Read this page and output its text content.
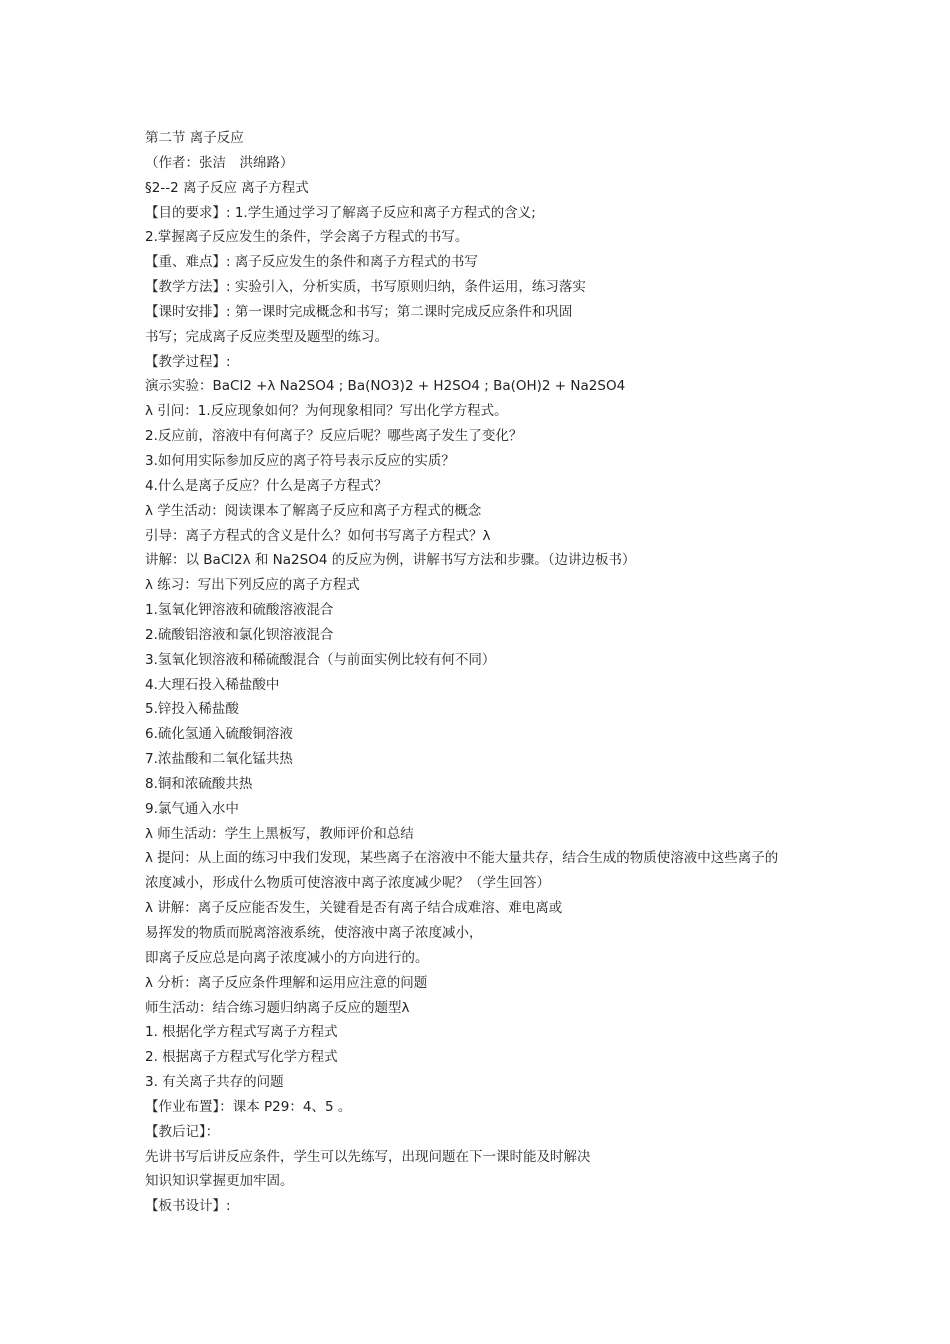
第二节 离子反应
（作者：张洁　洪绵路）
§2--2 离子反应 离子方程式
【目的要求】: 1.学生通过学习了解离子反应和离子方程式的含义;
2.掌握离子反应发生的条件，学会离子方程式的书写。
【重、难点】: 离子反应发生的条件和离子方程式的书写
【教学方法】: 实验引入，分析实质，书写原则归纳，条件运用，练习落实
【课时安排】: 第一课时完成概念和书写；第二课时完成反应条件和巩固
书写；完成离子反应类型及题型的练习。
【教学过程】:
演示实验：BaCl2 +λ Na2SO4 ; Ba(NO3)2 + H2SO4 ; Ba(OH)2 + Na2SO4
λ 引问：1.反应现象如何？为何现象相同？写出化学方程式。
2.反应前，溶液中有何离子？反应后呢？哪些离子发生了变化？
3.如何用实际参加反应的离子符号表示反应的实质？
4.什么是离子反应？什么是离子方程式？
λ 学生活动：阅读课本了解离子反应和离子方程式的概念
引导：离子方程式的含义是什么？如何书写离子方程式？λ
讲解：以 BaCl2λ 和 Na2SO4 的反应为例，讲解书写方法和步骤。（边讲边板书）
λ 练习：写出下列反应的离子方程式
1.氢氧化钾溶液和硫酸溶液混合
2.硫酸铝溶液和氯化钡溶液混合
3.氢氧化钡溶液和稀硫酸混合（与前面实例比较有何不同）
4.大理石投入稀盐酸中
5.锌投入稀盐酸
6.硫化氢通入硫酸铜溶液
7.浓盐酸和二氧化锰共热
8.铜和浓硫酸共热
9.氯气通入水中
λ 师生活动：学生上黑板写，教师评价和总结
λ 提问：从上面的练习中我们发现，某些离子在溶液中不能大量共存，结合生成的物质使溶液中这些离子的
浓度减小，形成什么物质可使溶液中离子浓度减少呢？（学生回答）
λ 讲解：离子反应能否发生，关键看是否有离子结合成难溶、难电离或
易挥发的物质而脱离溶液系统，使溶液中离子浓度减小，
即离子反应总是向离子浓度减小的方向进行的。
λ 分析：离子反应条件理解和运用应注意的问题
师生活动：结合练习题归纳离子反应的题型λ
1. 根据化学方程式写离子方程式
2. 根据离子方程式写化学方程式
3. 有关离子共存的问题
【作业布置】：课本 P29：4、5 。
【教后记】：
先讲书写后讲反应条件，学生可以先练写，出现问题在下一课时能及时解决
知识知识掌握更加牢固。
【板书设计】:
